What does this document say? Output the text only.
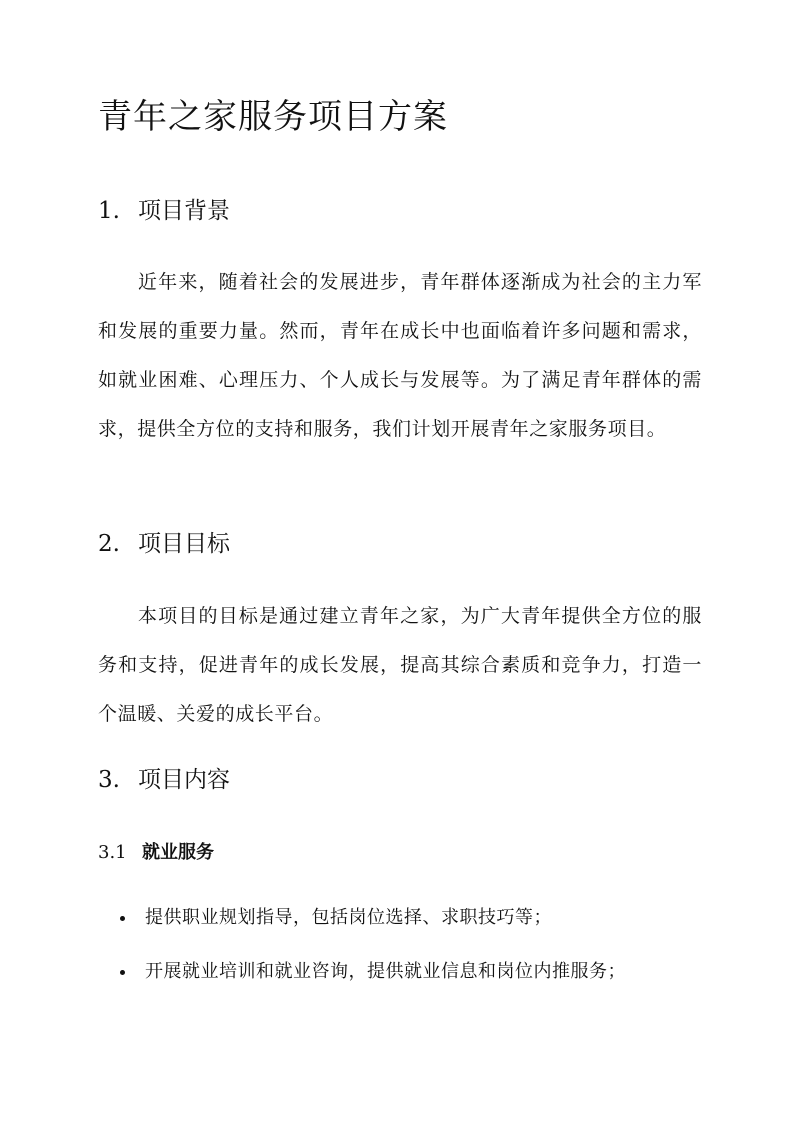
青年之家服务项目方案
1. 项目背景

近年来，随着社会的发展进步，青年群体逐渐成为社会的主力军和发展的重要力量。然而，青年在成长中也面临着许多问题和需求，如就业困难、心理压力、个人成长与发展等。为了满足青年群体的需求，提供全方位的支持和服务，我们计划开展青年之家服务项目。

2. 项目目标

本项目的目标是通过建立青年之家，为广大青年提供全方位的服务和支持，促进青年的成长发展，提高其综合素质和竞争力，打造一个温暖、关爱的成长平台。

3. 项目内容
3.1 就业服务
提供职业规划指导，包括岗位选择、求职技巧等；
开展就业培训和就业咨询，提供就业信息和岗位内推服务；
